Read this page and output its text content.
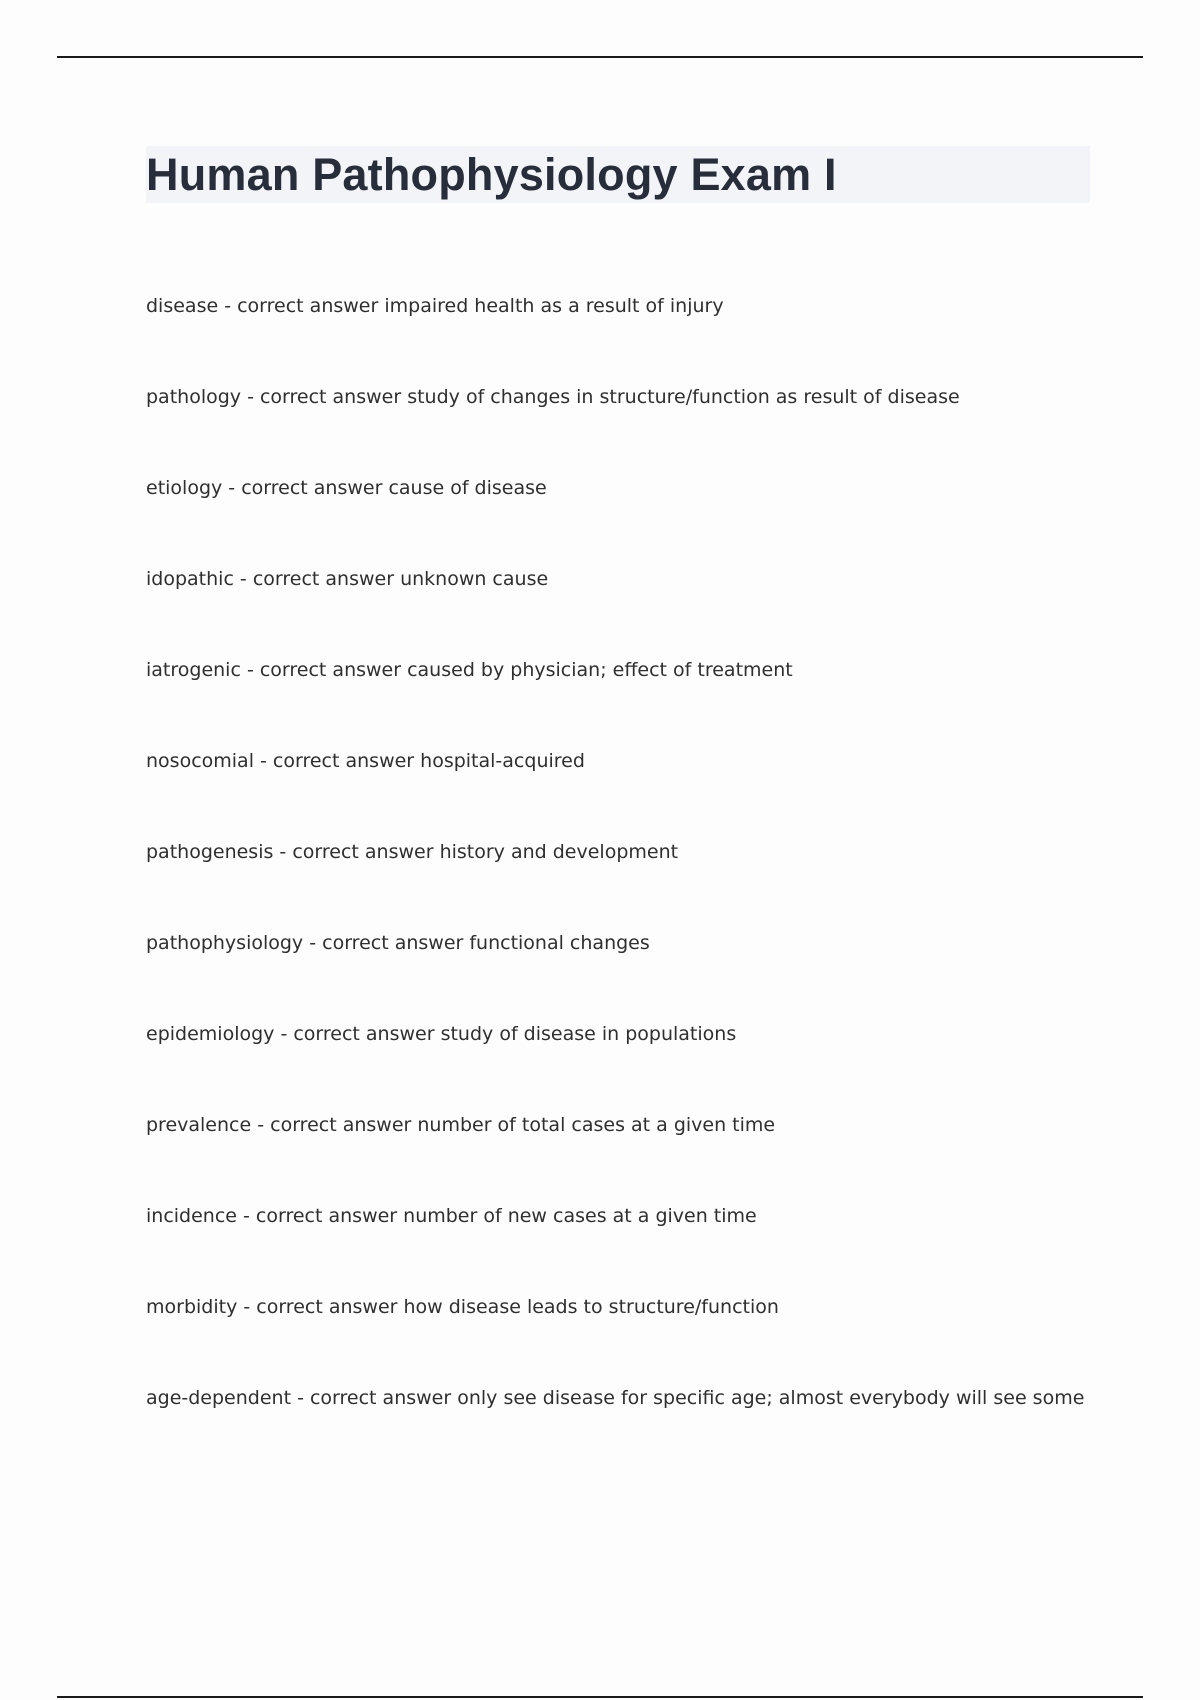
Human Pathophysiology Exam I
disease - correct answer impaired health as a result of injury
pathology - correct answer study of changes in structure/function as result of disease
etiology - correct answer cause of disease
idopathic - correct answer unknown cause
iatrogenic - correct answer caused by physician; effect of treatment
nosocomial - correct answer hospital-acquired
pathogenesis - correct answer history and development
pathophysiology - correct answer functional changes
epidemiology - correct answer study of disease in populations
prevalence - correct answer number of total cases at a given time
incidence - correct answer number of new cases at a given time
morbidity - correct answer how disease leads to structure/function
age-dependent - correct answer only see disease for specific age; almost everybody will see some
